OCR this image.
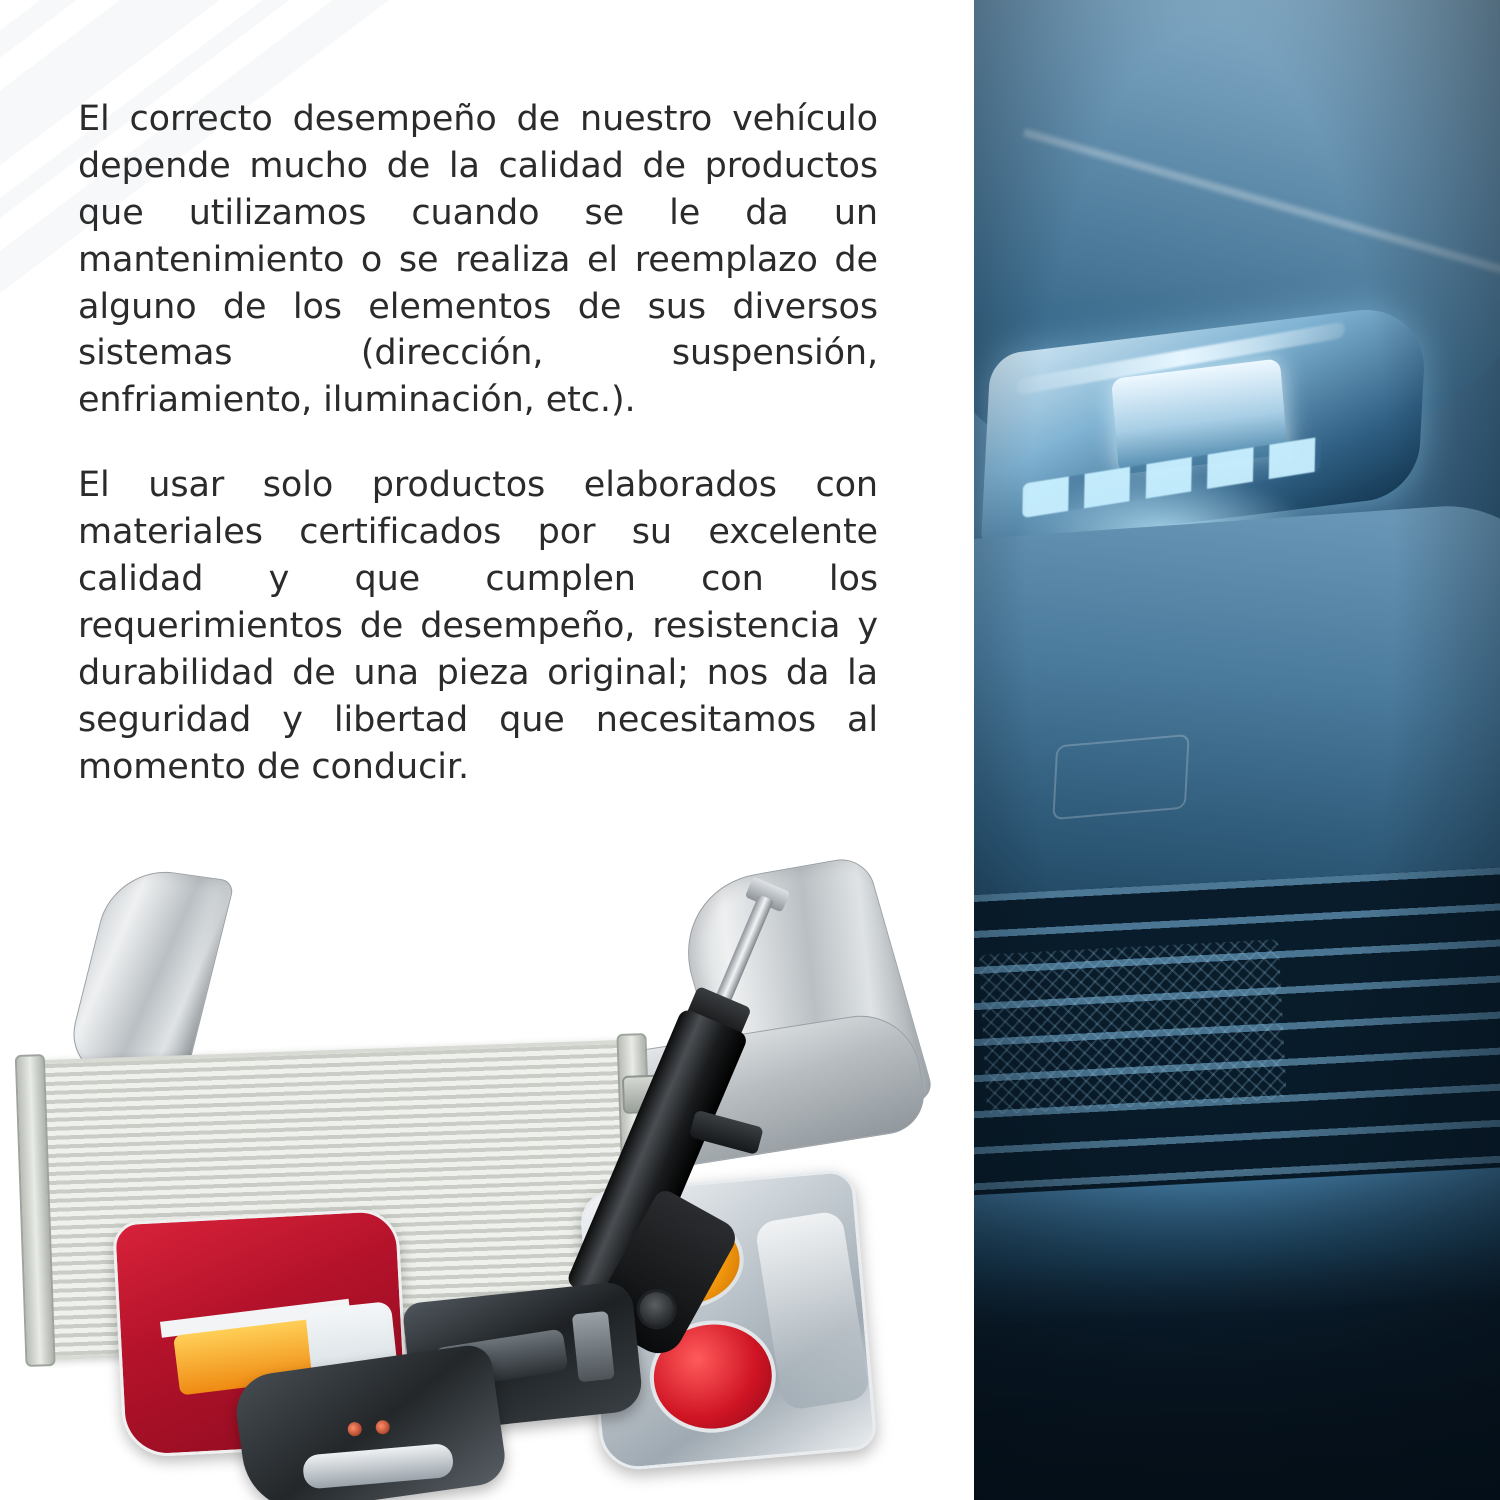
El correcto desempeño de nuestro vehículo depende mucho de la calidad de productos que utilizamos cuando se le da un mantenimiento o se realiza el reemplazo de alguno de los elementos de sus diversos sistemas (dirección, suspensión, enfriamiento, iluminación, etc.).

El usar solo productos elaborados con materiales certificados por su excelente calidad y que cumplen con los requerimientos de desempeño, resistencia y durabilidad de una pieza original; nos da la seguridad y libertad que necesitamos al momento de conducir.
